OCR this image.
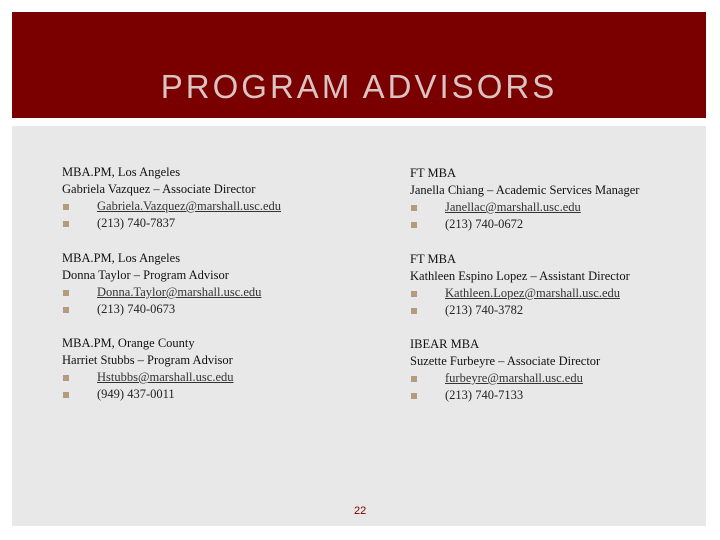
PROGRAM ADVISORS
MBA.PM, Los Angeles
Gabriela Vazquez – Associate Director
Gabriela.Vazquez@marshall.usc.edu
(213) 740-7837
FT MBA
Janella Chiang – Academic Services Manager
Janellac@marshall.usc.edu
(213) 740-0672
MBA.PM, Los Angeles
Donna Taylor – Program Advisor
Donna.Taylor@marshall.usc.edu
(213) 740-0673
FT MBA
Kathleen Espino Lopez – Assistant Director
Kathleen.Lopez@marshall.usc.edu
(213) 740-3782
MBA.PM, Orange County
Harriet Stubbs – Program Advisor
Hstubbs@marshall.usc.edu
(949) 437-0011
IBEAR MBA
Suzette Furbeyre – Associate Director
furbeyre@marshall.usc.edu
(213) 740-7133
22
